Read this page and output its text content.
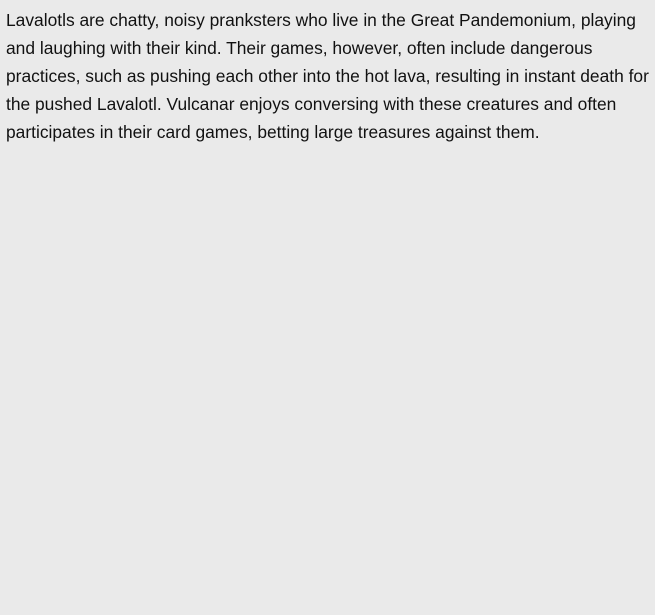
Lavalotls are chatty, noisy pranksters who live in the Great Pandemonium, playing and laughing with their kind. Their games, however, often include dangerous practices, such as pushing each other into the hot lava, resulting in instant death for the pushed Lavalotl. Vulcanar enjoys conversing with these creatures and often participates in their card games, betting large treasures against them.
